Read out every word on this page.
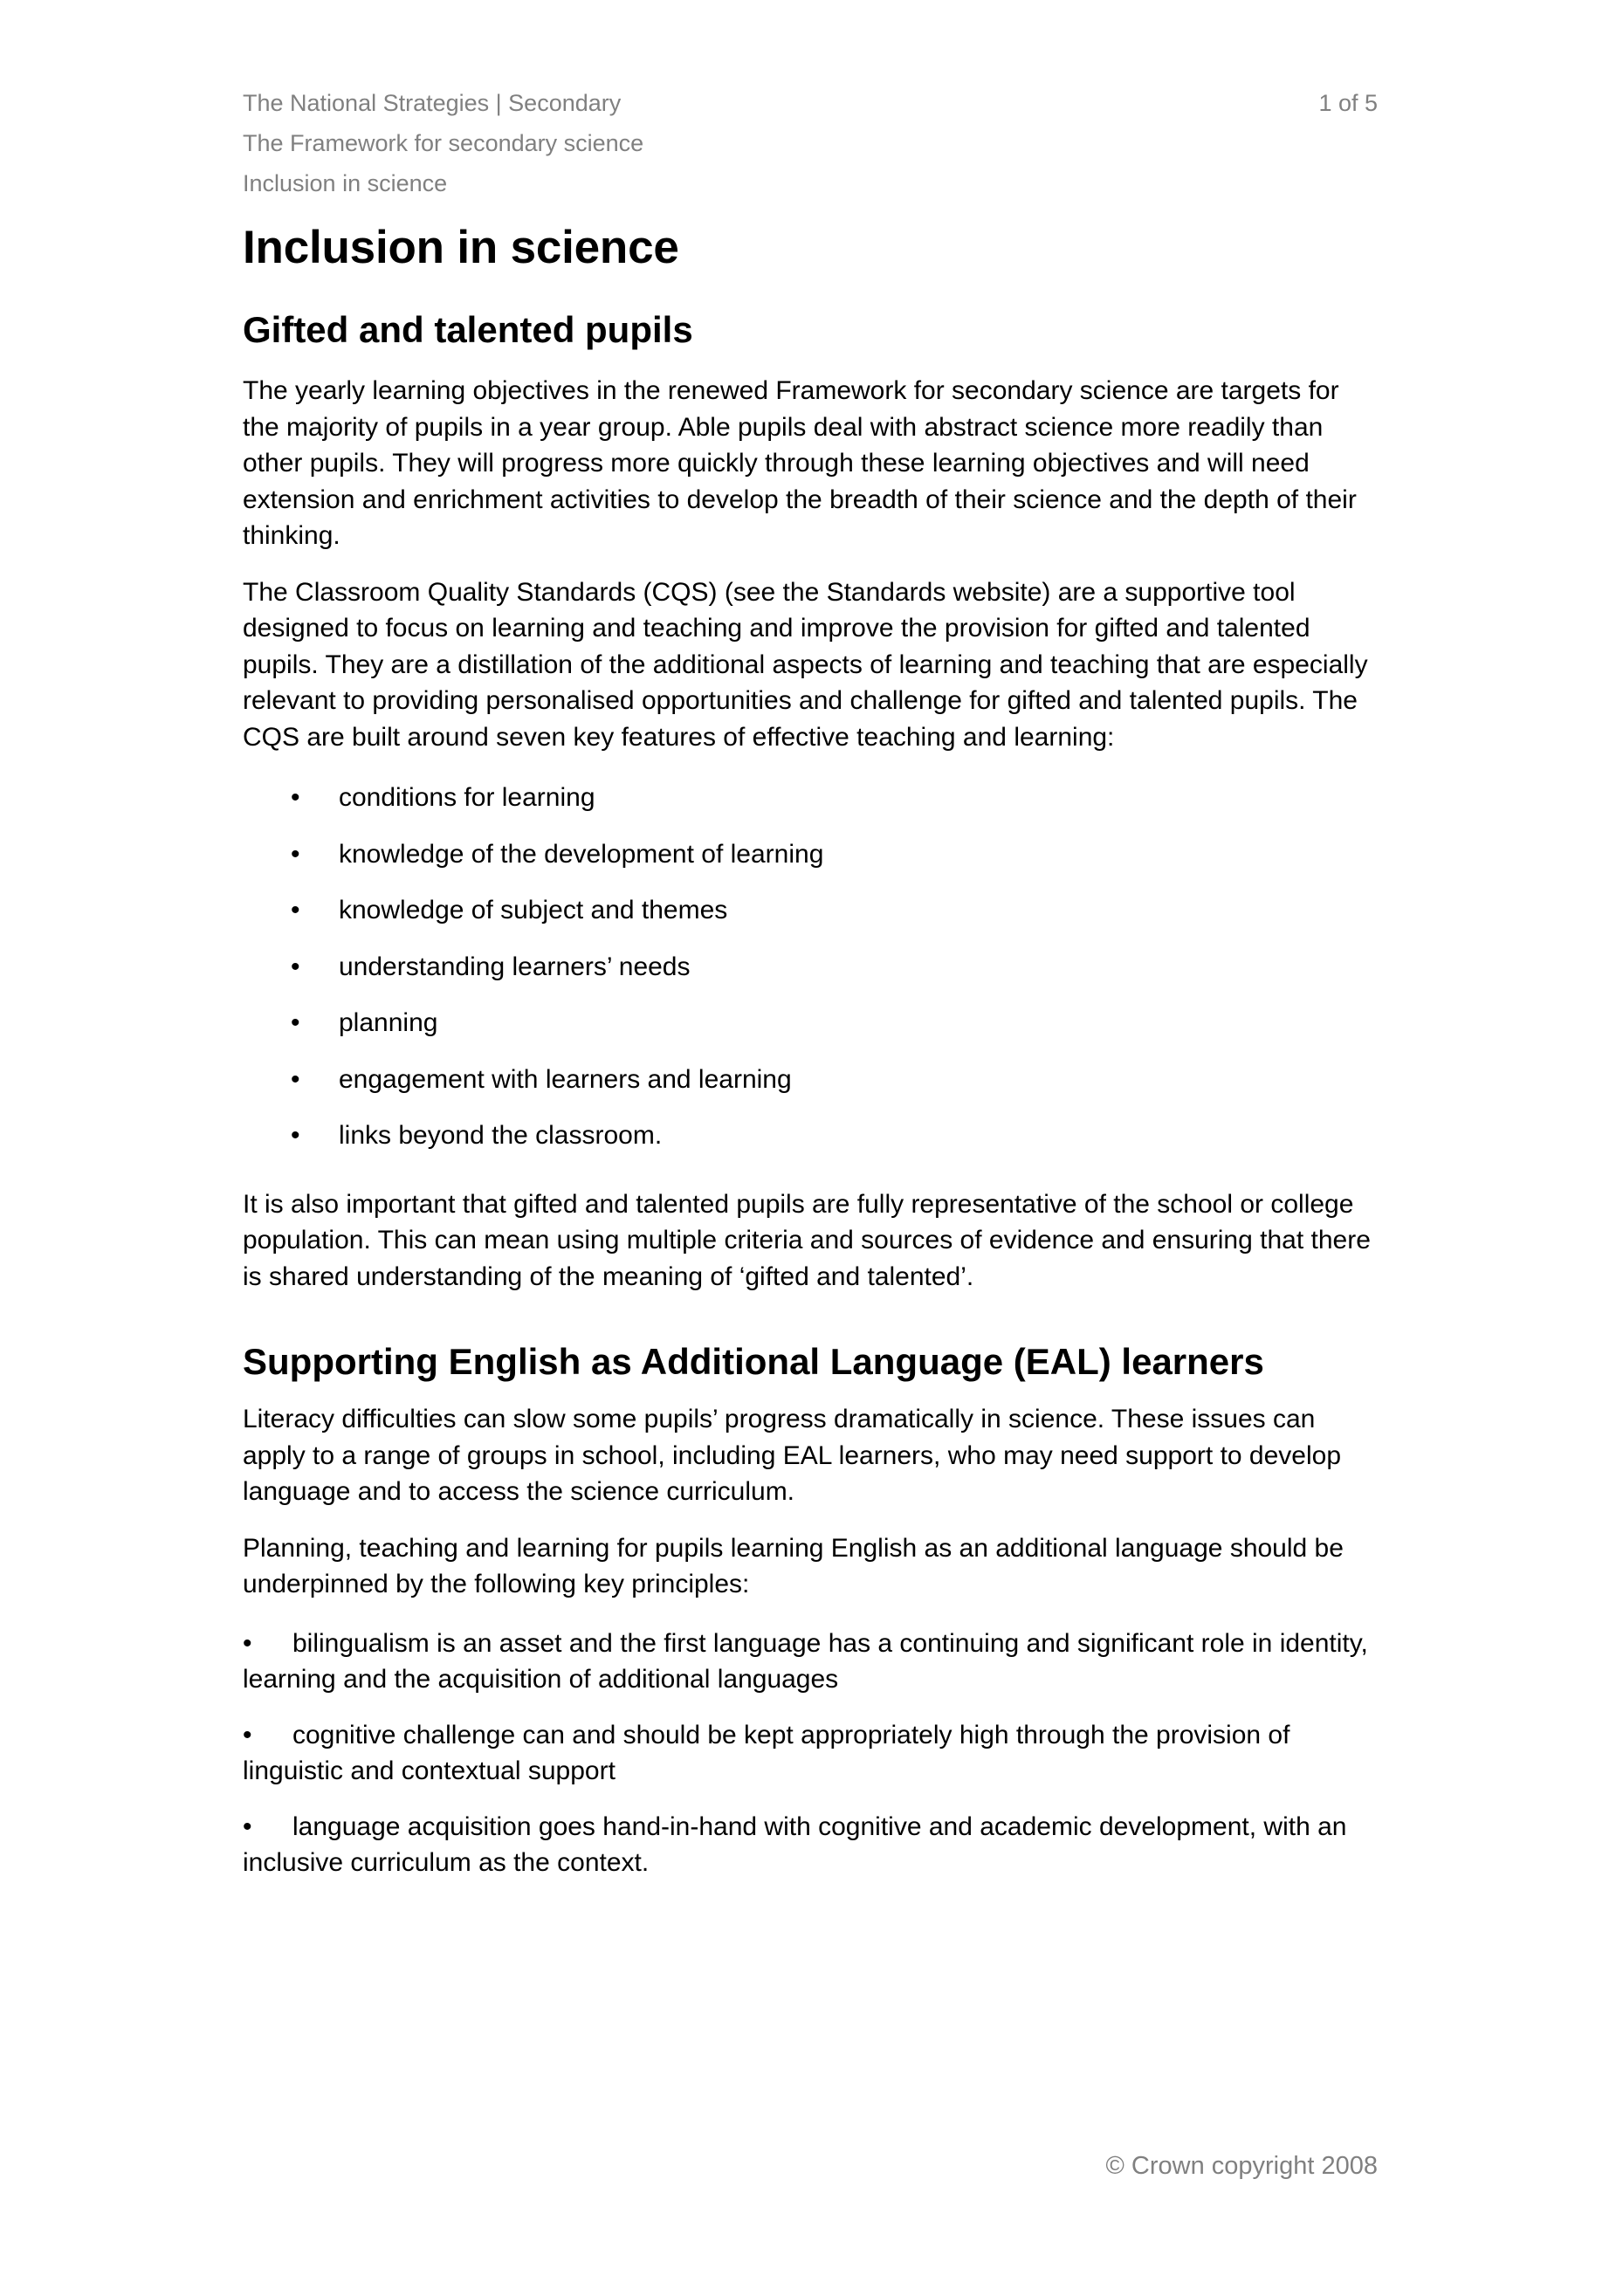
The National Strategies | Secondary	1 of 5
The Framework for secondary science
Inclusion in science
Inclusion in science
Gifted and talented pupils

The yearly learning objectives in the renewed Framework for secondary science are targets for the majority of pupils in a year group. Able pupils deal with abstract science more readily than other pupils. They will progress more quickly through these learning objectives and will need extension and enrichment activities to develop the breadth of their science and the depth of their thinking.

The Classroom Quality Standards (CQS) (see the Standards website) are a supportive tool designed to focus on learning and teaching and improve the provision for gifted and talented pupils. They are a distillation of the additional aspects of learning and teaching that are especially relevant to providing personalised opportunities and challenge for gifted and talented pupils. The CQS are built around seven key features of effective teaching and learning:

• conditions for learning
• knowledge of the development of learning
• knowledge of subject and themes
• understanding learners’ needs
• planning
• engagement with learners and learning
• links beyond the classroom.

It is also important that gifted and talented pupils are fully representative of the school or college population. This can mean using multiple criteria and sources of evidence and ensuring that there is shared understanding of the meaning of ‘gifted and talented’.

Supporting English as Additional Language (EAL) learners

Literacy difficulties can slow some pupils’ progress dramatically in science. These issues can apply to a range of groups in school, including EAL learners, who may need support to develop language and to access the science curriculum.

Planning, teaching and learning for pupils learning English as an additional language should be underpinned by the following key principles:

• bilingualism is an asset and the first language has a continuing and significant role in identity, learning and the acquisition of additional languages
• cognitive challenge can and should be kept appropriately high through the provision of linguistic and contextual support
• language acquisition goes hand-in-hand with cognitive and academic development, with an inclusive curriculum as the context.
© Crown copyright 2008
